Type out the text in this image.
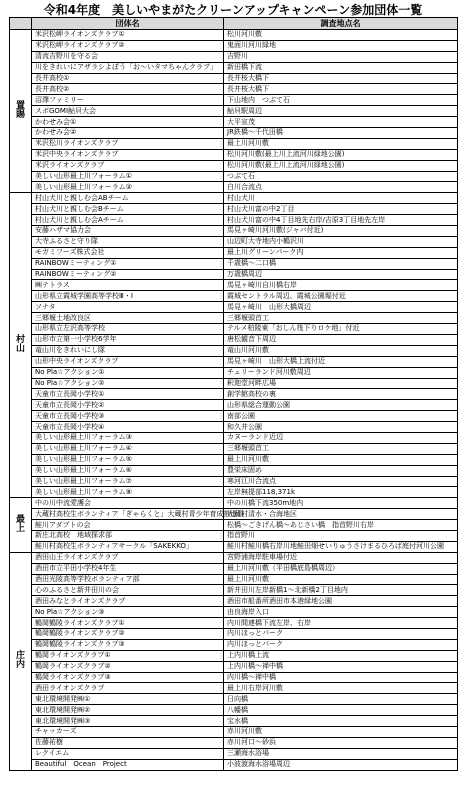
令和4年度　美しいやまがたクリーンアップキャンペーン参加団体一覧
	団体名	調査地点名
置
賜	米沢松岬ライオンズクラブ①	松川河川敷
	米沢松岬ライオンズクラブ②	鬼面川河川緑地
	清流吉野川を守る会	吉野川
	川をきれいにアザラシよぼう「お～いタマちゃんクラブ」	新田橋下流
	長井高校①	長井桜大橋下
	長井高校②	長井桜大橋下
	沼澤ファミリー	下山地内　つぶて石
	スポGOMI鮎貝大会	鮎貝駅周辺
	かわせみ会①	大平宣茂
	かわせみ会②	JR鉄橋～千代田橋
	米沢松川ライオンズクラブ	最上川河川敷
	米沢中央ライオンズクラブ	松川河川敷(最上川上流河川緑地公園)
	米沢ライオンズクラブ	松川河川敷(最上川上流河川緑地公園)
	美しい山形最上川フォーラム①	つぶて石
	美しい山形最上川フォーラム②	白川合流点
村
山	村山犬川と親しむ会ABチーム	村山犬川
	村山犬川と親しむ会Bチーム	村山犬川富の中2丁目
	村山犬川と親しむ会Aチーム	村山犬川富の中4丁目地先右岸/吉原3丁目地先左岸
	安藤ハザマ協力会	馬見ヶ崎川河川敷(ジャバ付近)
	大寺ふるさと守り隊	山辺町大寺地内小鶴沢川
	モガミフーズ株式会社	最上川グリーンパーク内
	RAINBOWミーティング①	千歳橋～二口橋
	RAINBOWミーティング②	万歳橋周辺
	㈱テトラス	馬見ヶ崎川自川橋右岸
	山形県立霞城学園高等学校Ⅲ・Ⅰ	霞城セントラル周辺、霞城公園堀付近
	ソナタ	馬見ヶ崎川　山形大橋周辺
	三郷堰土地改良区	三郷堰頭首工
	山形県立左沢高等学校	テルメ柏陵東「おしん筏下りロケ地」付近
	山形市立第一小学校6学年	唐松観音下周辺
	竜山川をきれいにし隊	竜山川河川敷
	山形中央ライオンズクラブ	馬見ヶ崎川　山形大橋上流付近
	No Pla☆アクション①	チェリーランド河川敷周辺
	No Pla☆アクション②	釈迦堂河畔広場
	天童市立長岡小学校①	創学館高校の裏
	天童市立長岡小学校②	山形県総合運動公園
	天童市立長岡小学校③	南部公園
	天童市立長岡小学校④	和久井公園
	美しい山形最上川フォーラム③	カヌーランド近辺
	美しい山形最上川フォーラム④	三郷堰頭首工
	美しい山形最上川フォーラム⑤	最上川河川敷
	美しい山形最上川フォーラム⑥	豊栄床固め
	美しい山形最上川フォーラム⑦	寒河江川合流点
	美しい山形最上川フォーラム⑧	左岸無提部118,371k
最
上	中の川中流愛護会	中の川橋下流350m地内
	大蔵村高校生ボランティア「ぎゃらくと」大蔵村青少年育成推進員	大蔵村清水・合海地区
	鮭川アダプトの会	松橋～ごきげん橋～あじさい橋　指首野川右岸
	新庄北高校　地域探求部	指首野川
	鮭川村高校生ボランティアサークル「SAKEKKO」	鮭川村鮭川橋右岸川地鮭田畑せいりゅうさけまるひろば庭付河川公園
庄
内	酒田山王ライオンズクラブ	宮野浦海岸駐車場付近
	酒田市立平田小学校4年生	最上川河川敷（平田橋底島橋周辺）
	酒田光陵高等学校ボランティア部	最上川河川敷
	心のふるさと新井田川の会	新井田川左岸新橋1～北新橋2丁目地内
	酒田みなとライオンズクラブ	酒田市船番所酒田市本港緑地公園
	No Pla☆アクション③	由良海岸入口
	鶴岡鶴陵ライオンズクラブ①	内川間連橋下流左岸、右岸
	鶴岡鶴陵ライオンズクラブ②	内川ほっとパーク
	鶴岡鶴陵ライオンズクラブ③	内川ほっとパーク
	鶴岡ライオンズクラブ①	上内川橋上流
	鶴岡ライオンズクラブ②	上内川橋～禅中橋
	鶴岡ライオンズクラブ③	内川橋～禅中橋
	酒田ライオンズクラブ	最上川右岸河川敷
	東北環境開発㈱①	日向橋
	東北環境開発㈱②	八幡橋
	東北環境開発㈱③	宝水橋
	チャッカーズ	赤川河川敷
	佐藤祐樹	赤川河口～砂浜
	レクイエム	三瀬海水浴場
	Beautiful　Ocean　Project	小波渡海水浴場周辺
